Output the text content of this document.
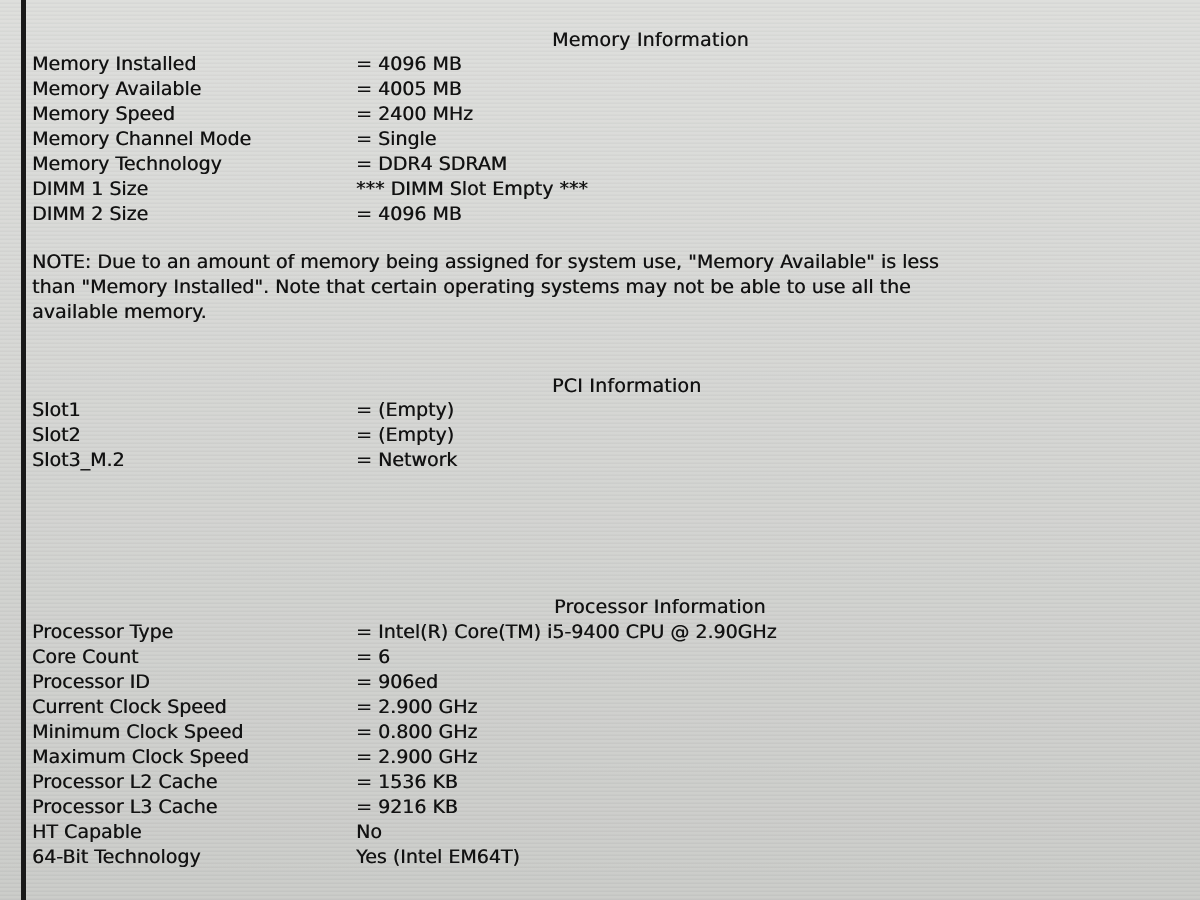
Memory Information
Memory Installed	= 4096 MB
Memory Available	= 4005 MB
Memory Speed	= 2400 MHz
Memory Channel Mode	= Single
Memory Technology	= DDR4 SDRAM
DIMM 1 Size	*** DIMM Slot Empty ***
DIMM 2 Size	= 4096 MB
NOTE: Due to an amount of memory being assigned for system use, "Memory Available" is less
than "Memory Installed". Note that certain operating systems may not be able to use all the
available memory.
PCI Information
Slot1	= (Empty)
Slot2	= (Empty)
Slot3_M.2	= Network
Processor Information
Processor Type	= Intel(R) Core(TM) i5-9400 CPU @ 2.90GHz
Core Count	= 6
Processor ID	= 906ed
Current Clock Speed	= 2.900 GHz
Minimum Clock Speed	= 0.800 GHz
Maximum Clock Speed	= 2.900 GHz
Processor L2 Cache	= 1536 KB
Processor L3 Cache	= 9216 KB
HT Capable	No
64-Bit Technology	Yes (Intel EM64T)
